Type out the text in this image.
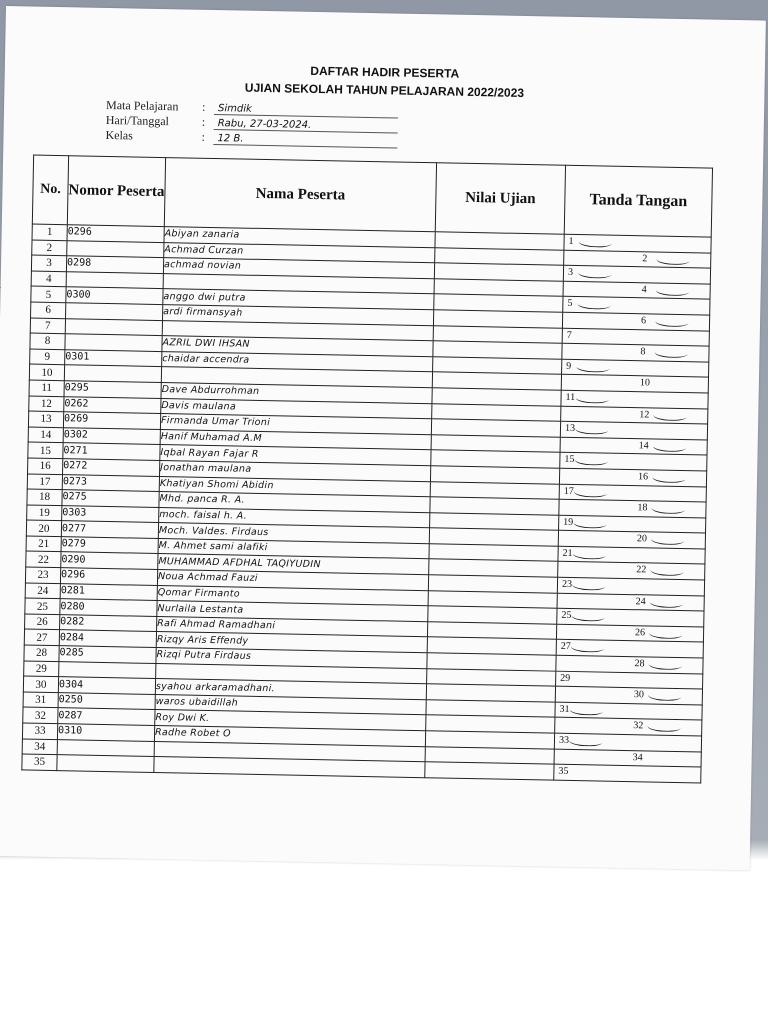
DAFTAR HADIR PESERTA
UJIAN SEKOLAH TAHUN PELAJARAN 2022/2023
Mata Pelajaran	:	Simdik
Hari/Tanggal	:	Rabu, 27-03-2024.
Kelas	:	12 B.
No.	Nomor Peserta	Nama Peserta	Nilai Ujian	Tanda Tangan
1	0296	Abiyan zanaria		1

2		Achmad Curzan		2

3	0298	achmad novian		3

4				4

5	0300	anggo dwi putra		5

6		ardi firmansyah		6

7				7

8		AZRIL DWI IHSAN		8

9	0301	chaidar accendra		9

10				10

11	0295	Dave Abdurrohman		11

12	0262	Davis maulana		12

13	0269	Firmanda Umar Trioni		13

14	0302	Hanif Muhamad A.M		14

15	0271	Iqbal Rayan Fajar R		15

16	0272	Jonathan maulana		16

17	0273	Khatiyan Shomi Abidin		17

18	0275	Mhd. panca R. A.		18

19	0303	moch. faisal h. A.		19

20	0277	Moch. Valdes. Firdaus		20

21	0279	M. Ahmet sami alafiki		21

22	0290	MUHAMMAD AFDHAL TAQIYUDIN		22

23	0296	Noua Achmad Fauzi		23

24	0281	Qomar Firmanto		24

25	0280	Nurlaila Lestanta		25

26	0282	Rafi Ahmad Ramadhani		26

27	0284	Rizqy Aris Effendy		27

28	0285	Rizqi Putra Firdaus		28

29				29

30	0304	syahou arkaramadhani.		30

31	0250	waros ubaidillah		31

32	0287	Roy Dwi K.		32

33	0310	Radhe Robet O		33

34				34

35				35
